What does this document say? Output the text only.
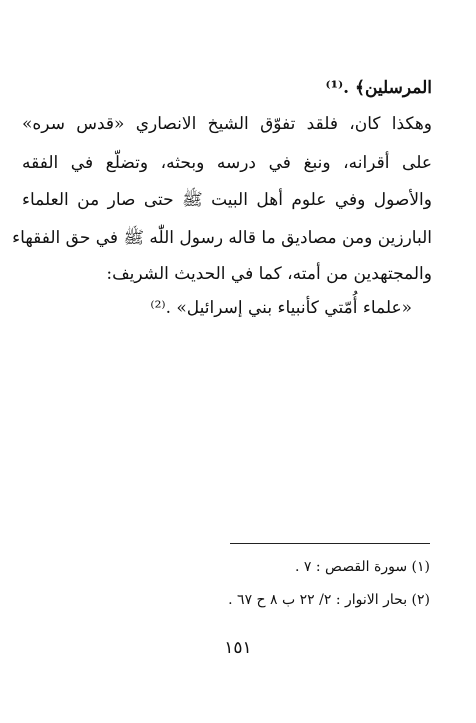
المرسلين﴾ .⁽¹⁾
وهكذا كان، فلقد تفوّق الشيخ الانصاري «قدس سره»
على أقرانه، ونبغ في درسه وبحثه، وتضلّع في الفقه
والأصول وفي علوم أهل البيت ﷺ حتى صار من العلماء
البارزين ومن مصاديق ما قاله رسول اللّٰه ﷺ في حق الفقهاء
والمجتهدين من أمته، كما في الحديث الشريف:
«علماء أُمّتي كأنبياء بني إسرائيل» .⁽²⁾
(١) سورة القصص : ٧ .
(٢) بحار الانوار : ٢/ ٢٢ ب ٨ ح ٦٧ .
١٥١
